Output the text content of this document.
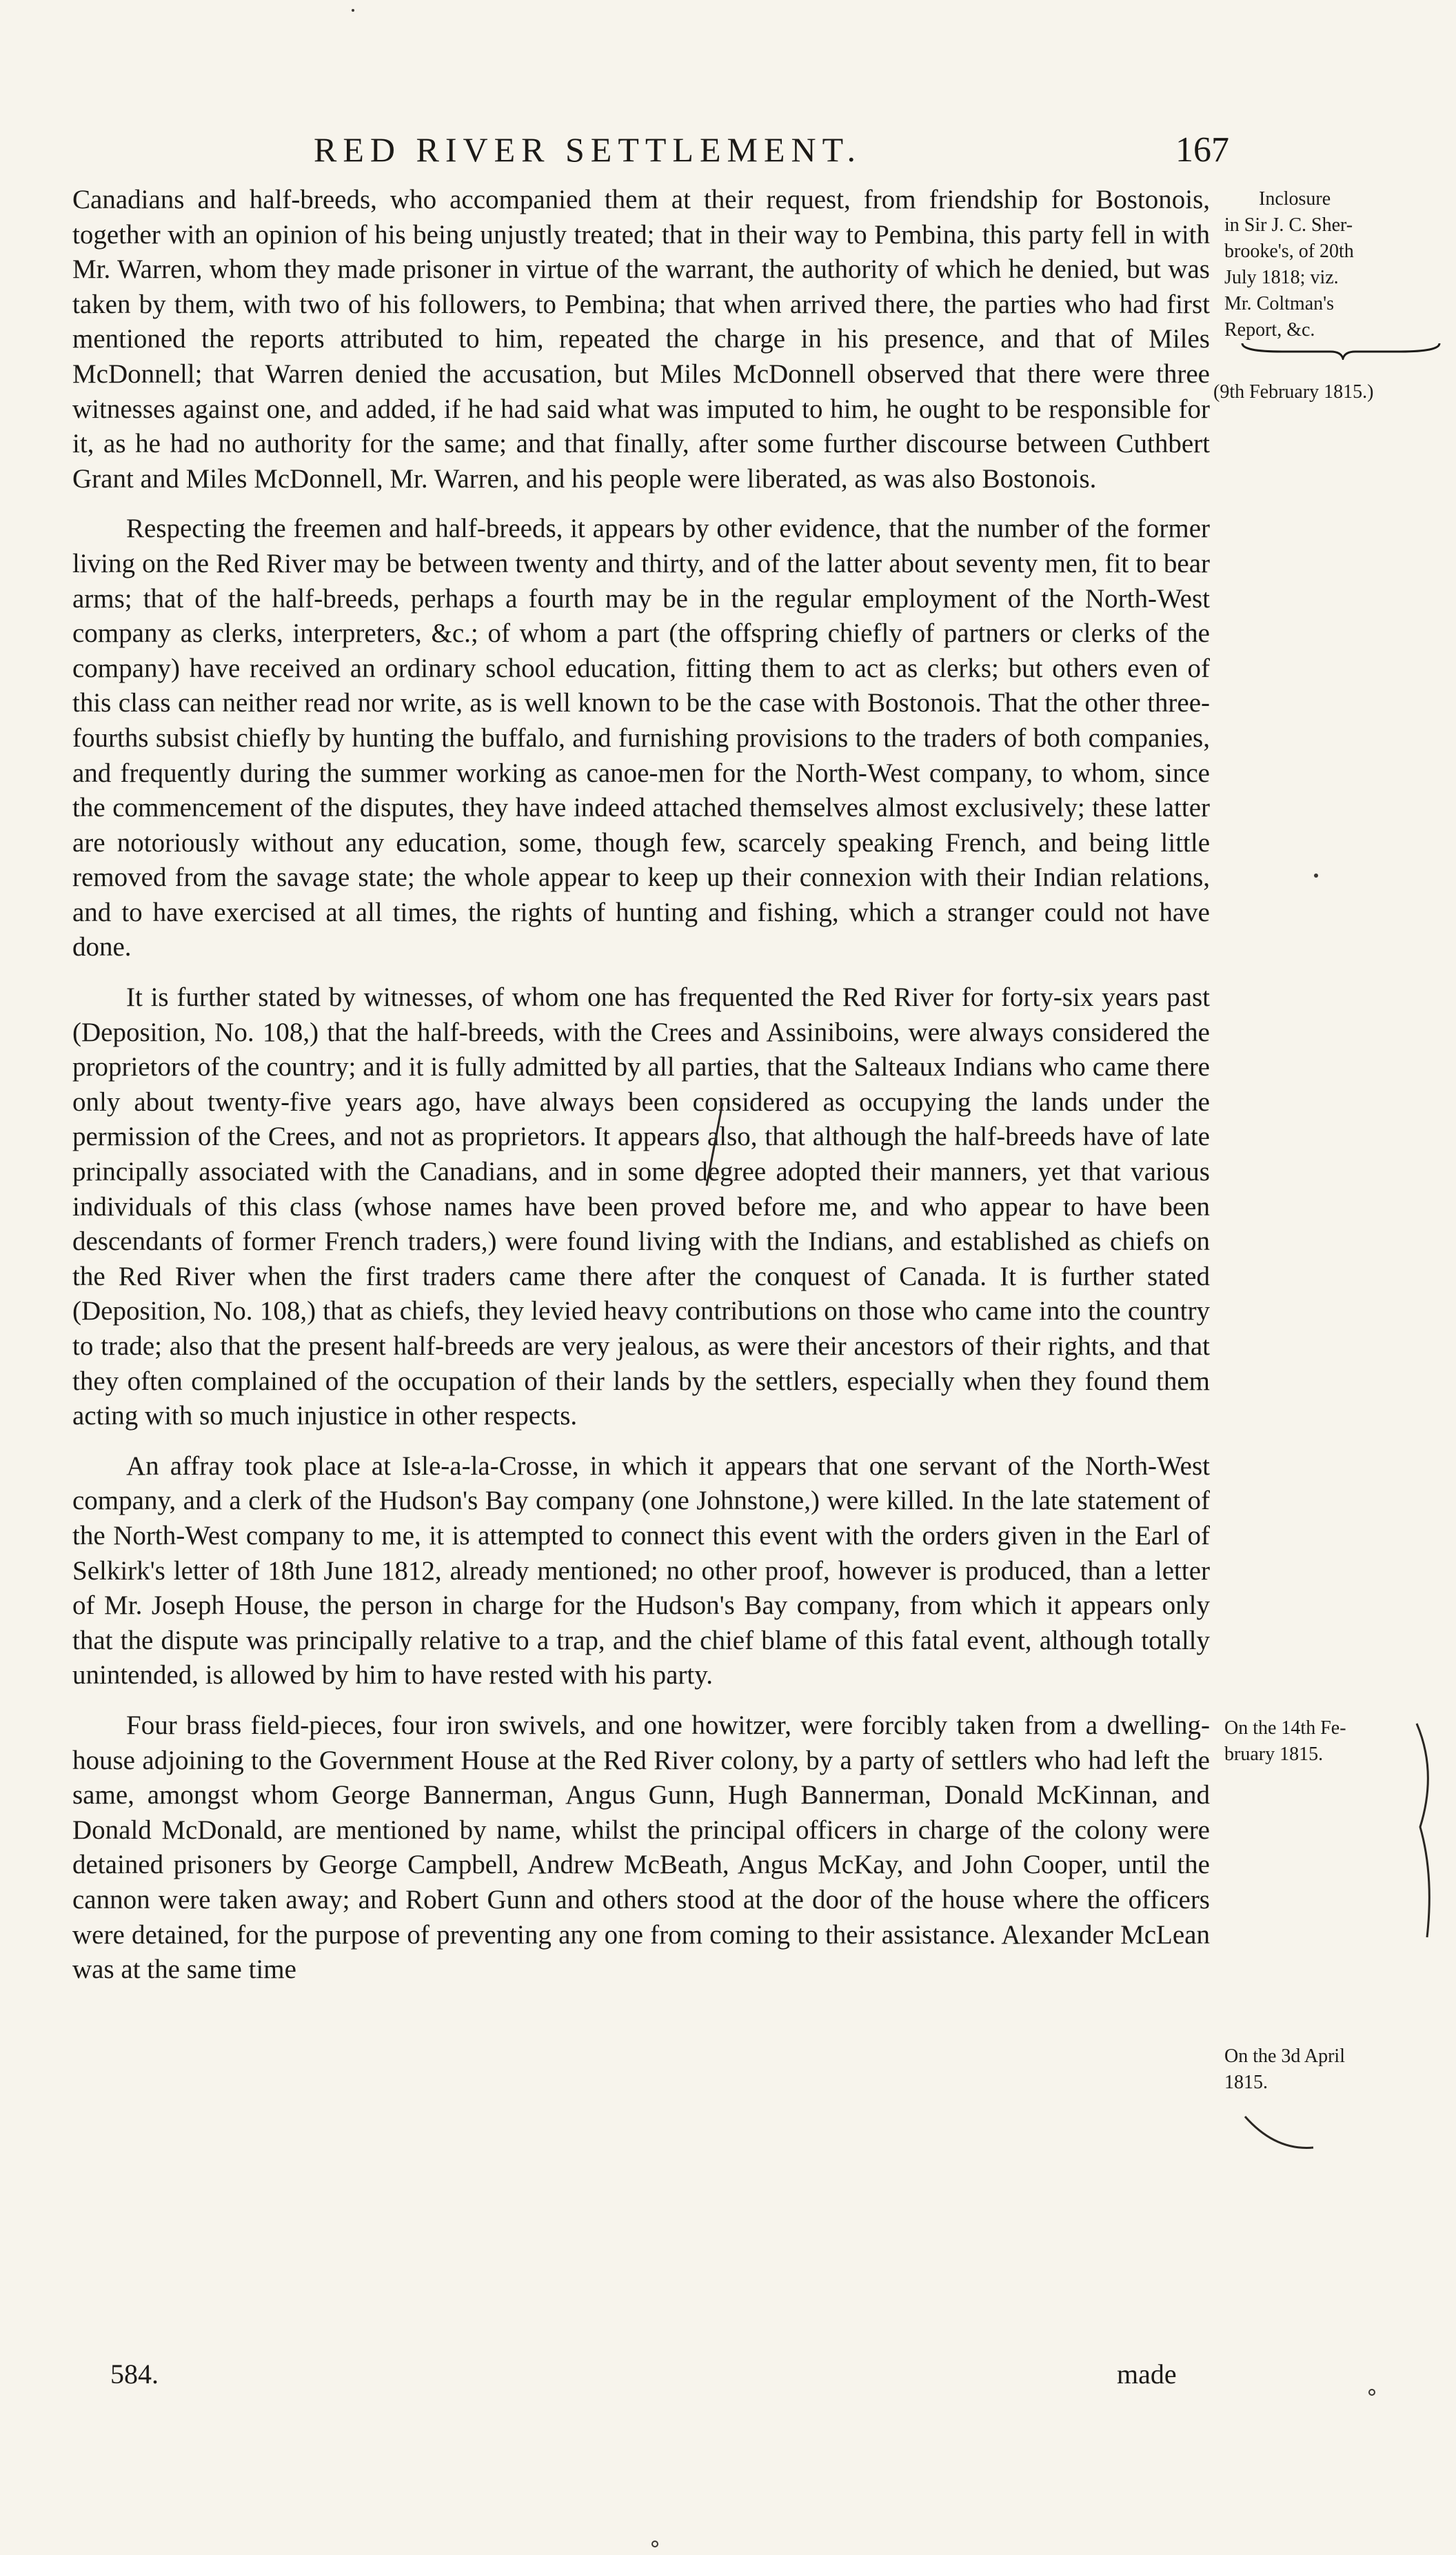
RED RIVER SETTLEMENT.	167

Canadians and half-breeds, who accompanied them at their request, from friendship for Bostonois, together with an opinion of his being unjustly treated; that in their way to Pembina, this party fell in with Mr. Warren, whom they made prisoner in virtue of the warrant, the authority of which he denied, but was taken by them, with two of his followers, to Pembina; that when arrived there, the parties who had first mentioned the reports attributed to him, repeated the charge in his presence, and that of Miles McDonnell; that Warren denied the accusation, but Miles McDonnell observed that there were three witnesses against one, and added, if he had said what was imputed to him, he ought to be responsible for it, as he had no authority for the same; and that finally, after some further discourse between Cuthbert Grant and Miles McDonnell, Mr. Warren, and his people were liberated, as was also Bostonois.

Respecting the freemen and half-breeds, it appears by other evidence, that the number of the former living on the Red River may be between twenty and thirty, and of the latter about seventy men, fit to bear arms; that of the half-breeds, perhaps a fourth may be in the regular employment of the North-West company as clerks, interpreters, &c.; of whom a part (the offspring chiefly of partners or clerks of the company) have received an ordinary school education, fitting them to act as clerks; but others even of this class can neither read nor write, as is well known to be the case with Bostonois. That the other three-fourths subsist chiefly by hunting the buffalo, and furnishing provisions to the traders of both companies, and frequently during the summer working as canoe-men for the North-West company, to whom, since the commencement of the disputes, they have indeed attached themselves almost exclusively; these latter are notoriously without any education, some, though few, scarcely speaking French, and being little removed from the savage state; the whole appear to keep up their connexion with their Indian relations, and to have exercised at all times, the rights of hunting and fishing, which a stranger could not have done.

It is further stated by witnesses, of whom one has frequented the Red River for forty-six years past (Deposition, No. 108,) that the half-breeds, with the Crees and Assiniboins, were always considered the proprietors of the country; and it is fully admitted by all parties, that the Salteaux Indians who came there only about twenty-five years ago, have always been considered as occupying the lands under the permission of the Crees, and not as proprietors. It appears also, that although the half-breeds have of late principally associated with the Canadians, and in some degree adopted their manners, yet that various individuals of this class (whose names have been proved before me, and who appear to have been descendants of former French traders,) were found living with the Indians, and established as chiefs on the Red River when the first traders came there after the conquest of Canada. It is further stated (Deposition, No. 108,) that as chiefs, they levied heavy contributions on those who came into the country to trade; also that the present half-breeds are very jealous, as were their ancestors of their rights, and that they often complained of the occupation of their lands by the settlers, especially when they found them acting with so much injustice in other respects.

An affray took place at Isle-a-la-Crosse, in which it appears that one servant of the North-West company, and a clerk of the Hudson's Bay company (one Johnstone,) were killed. In the late statement of the North-West company to me, it is attempted to connect this event with the orders given in the Earl of Selkirk's letter of 18th June 1812, already mentioned; no other proof, however is produced, than a letter of Mr. Joseph House, the person in charge for the Hudson's Bay company, from which it appears only that the dispute was principally relative to a trap, and the chief blame of this fatal event, although totally unintended, is allowed by him to have rested with his party.

Four brass field-pieces, four iron swivels, and one howitzer, were forcibly taken from a dwelling-house adjoining to the Government House at the Red River colony, by a party of settlers who had left the same, amongst whom George Bannerman, Angus Gunn, Hugh Bannerman, Donald McKinnan, and Donald McDonald, are mentioned by name, whilst the principal officers in charge of the colony were detained prisoners by George Campbell, Andrew McBeath, Angus McKay, and John Cooper, until the cannon were taken away; and Robert Gunn and others stood at the door of the house where the officers were detained, for the purpose of preventing any one from coming to their assistance. Alexander McLean was at the same time

Inclosure
in Sir J. C. Sher-
brooke's, of 20th
July 1818; viz.
Mr. Coltman's
Report, &c.
(9th February 1815.)
On the 14th Fe-
bruary 1815.
On the 3d April
1815.
584.	made
